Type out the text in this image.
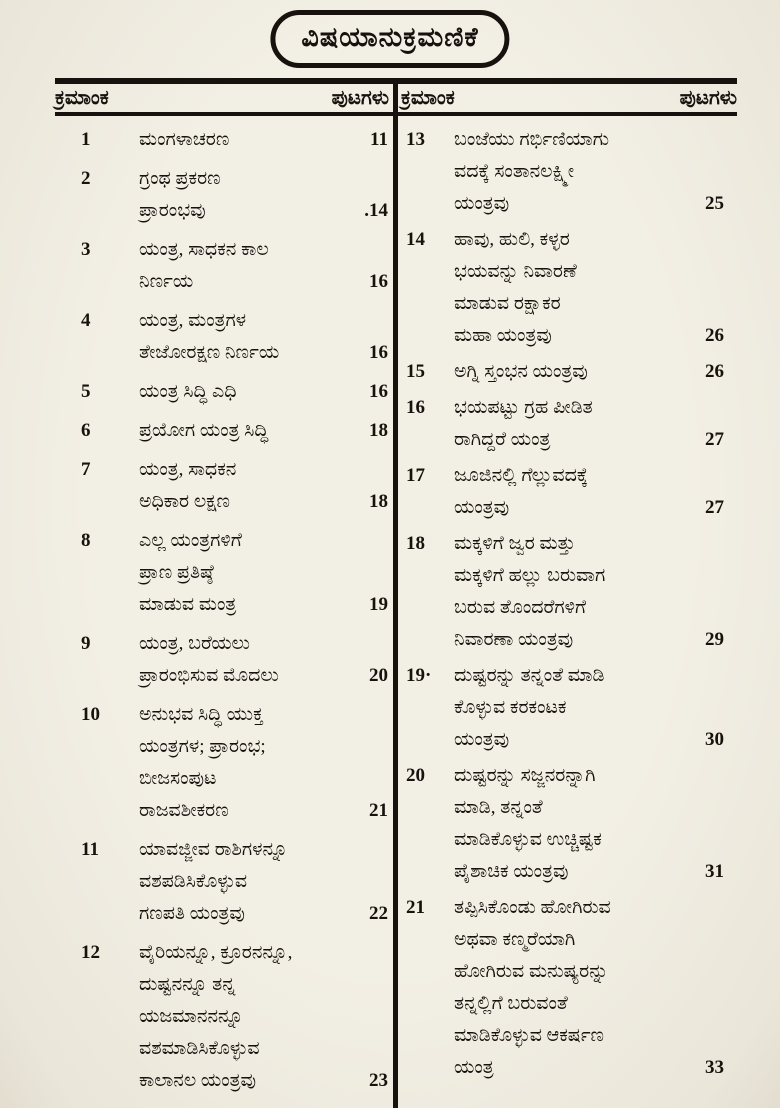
ವಿಷಯಾನುಕ್ರಮಣಿಕೆ
ಕ್ರಮಾಂಕ	ಪುಟಗಳು ಕ್ರಮಾಂಕ	ಪುಟಗಳು
1	ಮಂಗಳಾಚರಣ	11
2	ಗ್ರಂಥ ಪ್ರಕರಣ
ಪ್ರಾರಂಭವು	.14
3	ಯಂತ್ರ, ಸಾಧಕನ ಕಾಲ
ನಿರ್ಣಯ	16
4	ಯಂತ್ರ, ಮಂತ್ರಗಳ
ತೇಜೋರಕ್ಷಣ ನಿರ್ಣಯ	16
5	ಯಂತ್ರ ಸಿದ್ಧಿ ಎಧಿ	16
6	ಪ್ರಯೋಗ ಯಂತ್ರ ಸಿದ್ಧಿ	18
7	ಯಂತ್ರ, ಸಾಧಕನ
ಅಧಿಕಾರ ಲಕ್ಷಣ	18
8	ಎಲ್ಲ ಯಂತ್ರಗಳಿಗೆ
ಪ್ರಾಣ ಪ್ರತಿಷ್ಠೆ
ಮಾಡುವ ಮಂತ್ರ	19
9	ಯಂತ್ರ, ಬರೆಯಲು
ಪ್ರಾರಂಭಿಸುವ ಮೊದಲು	20
10 ಅನುಭವ ಸಿದ್ಧಿ ಯುಕ್ತ
ಯಂತ್ರಗಳ; ಪ್ರಾರಂಭ;
ಬೀಜಸಂಪುಟ
ರಾಜವಶೀಕರಣ	21
11	ಯಾವಜ್ಜೀವ ರಾಶಿಗಳನ್ನೂ
ವಶಪಡಿಸಿಕೊಳ್ಳುವ
ಗಣಪತಿ ಯಂತ್ರವು	22
12 ವೈರಿಯನ್ನೂ, ಕ್ರೂರನನ್ನೂ,
ದುಷ್ಟನನ್ನೂ ತನ್ನ
ಯಜಮಾನನನ್ನೂ
ವಶಮಾಡಿಸಿಕೊಳ್ಳುವ
ಕಾಲಾನಲ ಯಂತ್ರವು	23
13	ಬಂಜೆಯು ಗರ್ಭಿಣಿಯಾಗು
ವದಕ್ಕೆ ಸಂತಾನಲಕ್ಷ್ಮೀ
ಯಂತ್ರವು	25
14	ಹಾವು, ಹುಲಿ, ಕಳ್ಳರ
ಭಯವನ್ನು ನಿವಾರಣೆ
ಮಾಡುವ ರಕ್ಷಾಕರ
ಮಹಾ ಯಂತ್ರವು	26
15	ಅಗ್ನಿ ಸ್ತಂಭನ ಯಂತ್ರವು	26
16	ಭಯಪಟ್ಟು ಗ್ರಹ ಪೀಡಿತ
ರಾಗಿದ್ದರೆ ಯಂತ್ರ	27
17	ಜೂಜಿನಲ್ಲಿ ಗೆಲ್ಲುವದಕ್ಕೆ
ಯಂತ್ರವು	27
18	ಮಕ್ಕಳಿಗೆ ಜ್ವರ ಮತ್ತು
ಮಕ್ಕಳಿಗೆ ಹಲ್ಲು ಬರುವಾಗ
ಬರುವ ತೊಂದರೆಗಳಿಗೆ
ನಿವಾರಣಾ ಯಂತ್ರವು	29
19·	ದುಷ್ಟರನ್ನು ತನ್ನಂತೆ ಮಾಡಿ
ಕೊಳ್ಳುವ ಕರಕಂಟಕ
ಯಂತ್ರವು	30
20	ದುಷ್ಟರನ್ನು ಸಜ್ಜನರನ್ನಾಗಿ
ಮಾಡಿ, ತನ್ನಂತೆ
ಮಾಡಿಕೊಳ್ಳುವ ಉಚ್ಚಿಷ್ಟಕ
ಪೈಶಾಚಿಕ ಯಂತ್ರವು	31
21	ತಪ್ಪಿಸಿಕೊಂಡು ಹೋಗಿರುವ
ಅಥವಾ ಕಣ್ಮರೆಯಾಗಿ
ಹೋಗಿರುವ ಮನುಷ್ಯರನ್ನು
ತನ್ನಲ್ಲಿಗೆ ಬರುವಂತೆ
ಮಾಡಿಕೊಳ್ಳುವ ಆಕರ್ಷಣ
ಯಂತ್ರ	33
